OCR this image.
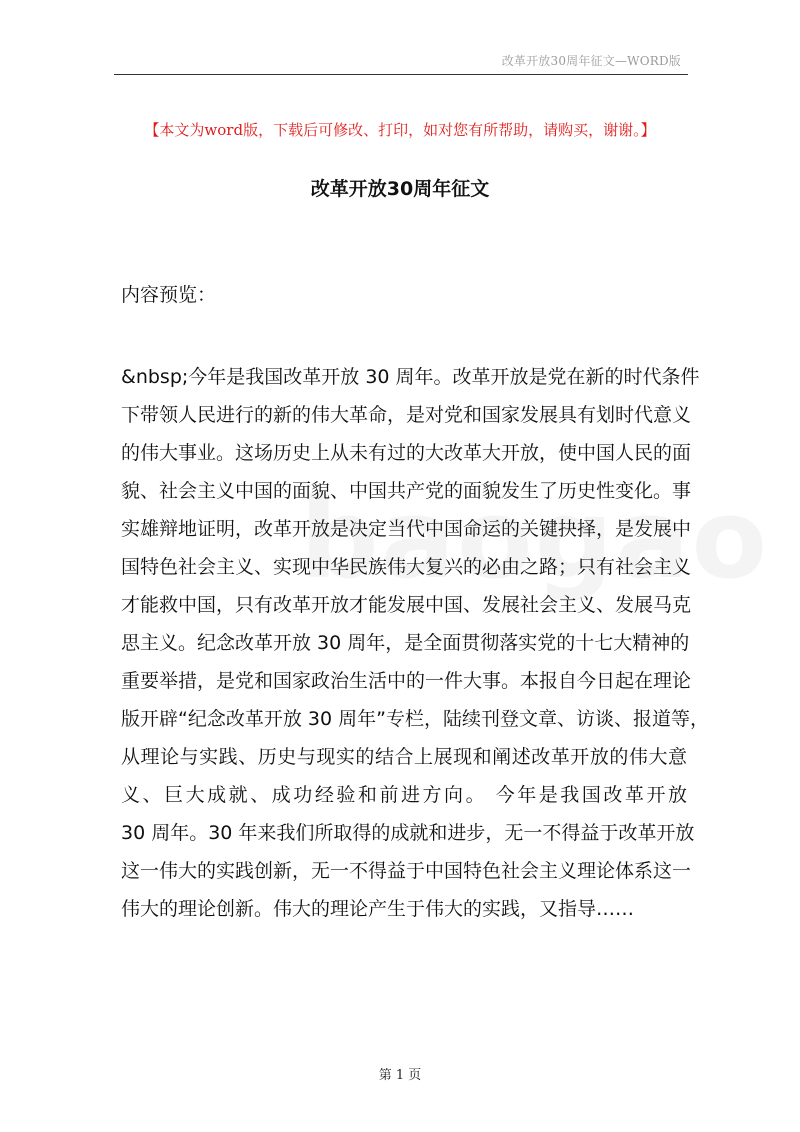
改革开放30周年征文—WORD版
【本文为word版，下载后可修改、打印，如对您有所帮助，请购买，谢谢。】
改革开放30周年征文
内容预览：
&nbsp;今年是我国改革开放 30 周年。改革开放是党在新的时代条件
下带领人民进行的新的伟大革命，是对党和国家发展具有划时代意义
的伟大事业。这场历史上从未有过的大改革大开放，使中国人民的面
貌、社会主义中国的面貌、中国共产党的面貌发生了历史性变化。事
实雄辩地证明，改革开放是决定当代中国命运的关键抉择，是发展中
国特色社会主义、实现中华民族伟大复兴的必由之路；只有社会主义
才能救中国，只有改革开放才能发展中国、发展社会主义、发展马克
思主义。纪念改革开放 30 周年，是全面贯彻落实党的十七大精神的
重要举措，是党和国家政治生活中的一件大事。本报自今日起在理论
版开辟“纪念改革开放 30 周年”专栏，陆续刊登文章、访谈、报道等，
从理论与实践、历史与现实的结合上展现和阐述改革开放的伟大意
义、巨大成就、成功经验和前进方向。 今年是我国改革开放
30 周年。30 年来我们所取得的成就和进步，无一不得益于改革开放
这一伟大的实践创新，无一不得益于中国特色社会主义理论体系这一
伟大的理论创新。伟大的理论产生于伟大的实践，又指导……
第 1 页
